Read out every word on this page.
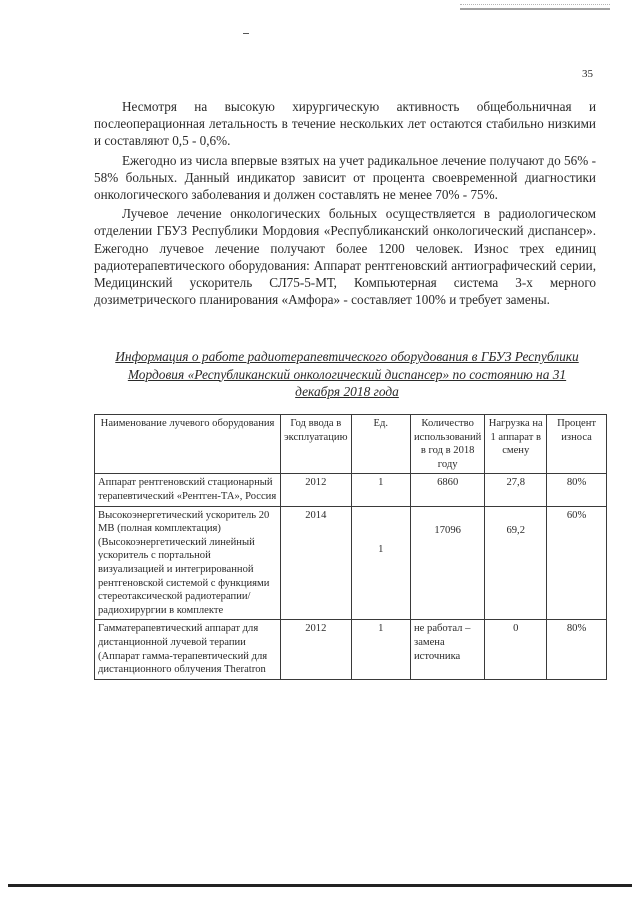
35

Несмотря на высокую хирургическую активность общебольничная и послеоперационная летальность в течение нескольких лет остаются стабильно низкими и составляют 0,5 - 0,6%.

Ежегодно из числа впервые взятых на учет радикальное лечение получают до 56% - 58% больных. Данный индикатор зависит от процента своевременной диагностики онкологического заболевания и должен составлять не менее 70% - 75%.

Лучевое лечение онкологических больных осуществляется в радиологическом отделении ГБУЗ Республики Мордовия «Республиканский онкологический диспансер». Ежегодно лучевое лечение получают более 1200 человек. Износ трех единиц радиотерапевтического оборудования: Аппарат рентгеновский антиографический серии, Медицинский ускоритель СЛ75-5-МТ, Компьютерная система 3-х мерного дозиметрического планирования «Амфора» - составляет 100% и требует замены.

Информация о работе радиотерапевтического оборудования в ГБУЗ Республики Мордовия «Республиканский онкологический диспансер» по состоянию на 31 декабря 2018 года
Наименование лучевого оборудования	Год ввода в эксплуатацию	Ед.	Количество использований в год в 2018 году	Нагрузка на 1 аппарат в смену	Процент износа
Аппарат рентгеновский стационарный терапевтический «Рентген-ТА», Россия	2012	1	6860	27,8	80%
Высокоэнергетический ускоритель 20 МВ (полная комплектация) (Высокоэнергетический линейный ускоритель с портальной визуализацией и интегрированной рентгеновской системой с функциями стереотаксической радиотерапии/радиохирургии в комплекте	2014	1	17096	69,2	60%
Гамматерапевтический аппарат для дистанционной лучевой терапии (Аппарат гамма-терапевтический для дистанционного облучения Theratron	2012	1	не работал – замена источника	0	80%
